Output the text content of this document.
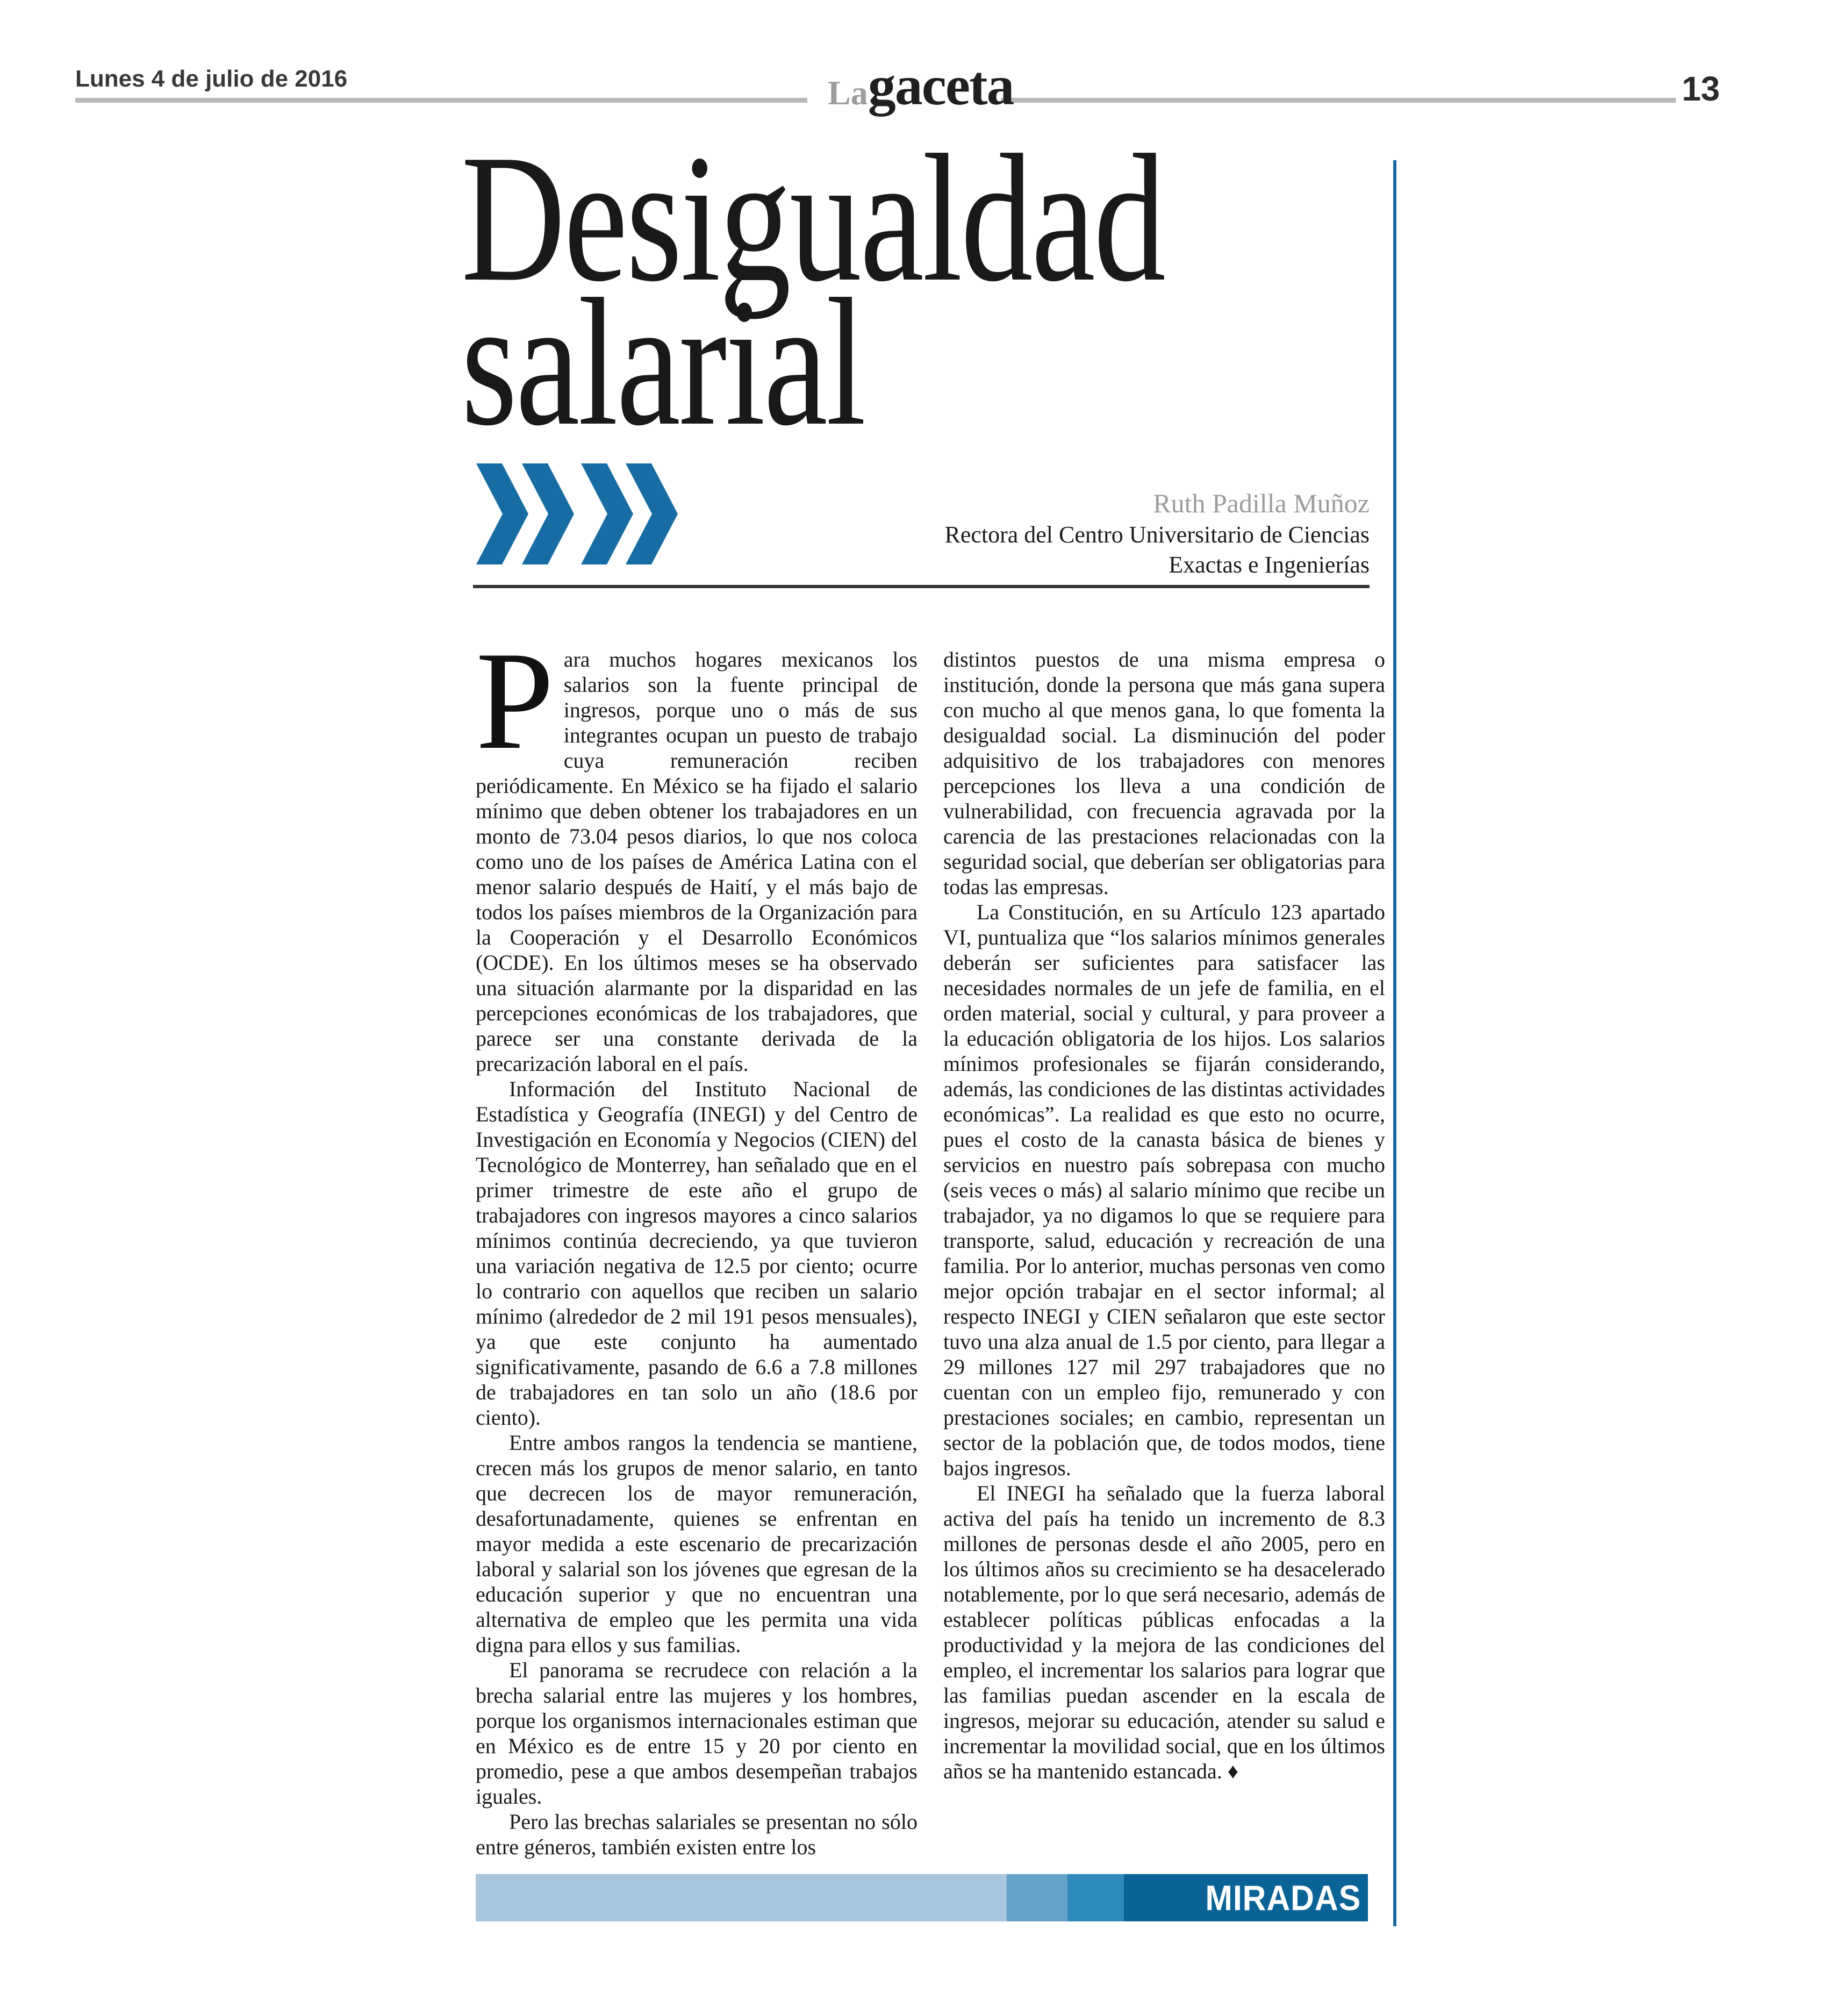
Lunes 4 de julio de 2016	La gaceta	13
Desigualdad
salarial
Ruth Padilla Muñoz
Rectora del Centro Universitario de Ciencias
Exactas e Ingenierías

Para muchos hogares mexicanos los salarios son la fuente principal de ingresos, porque uno o más de sus integrantes ocupan un puesto de trabajo cuya remuneración reciben periódicamente. En México se ha fijado el salario mínimo que deben obtener los trabajadores en un monto de 73.04 pesos diarios, lo que nos coloca como uno de los países de América Latina con el menor salario después de Haití, y el más bajo de todos los países miembros de la Organización para la Cooperación y el Desarrollo Económicos (OCDE). En los últimos meses se ha observado una situación alarmante por la disparidad en las percepciones económicas de los trabajadores, que parece ser una constante derivada de la precarización laboral en el país.

Información del Instituto Nacional de Estadística y Geografía (INEGI) y del Centro de Investigación en Economía y Negocios (CIEN) del Tecnológico de Monterrey, han señalado que en el primer trimestre de este año el grupo de trabajadores con ingresos mayores a cinco salarios mínimos continúa decreciendo, ya que tuvieron una variación negativa de 12.5 por ciento; ocurre lo contrario con aquellos que reciben un salario mínimo (alrededor de 2 mil 191 pesos mensuales), ya que este conjunto ha aumentado significativamente, pasando de 6.6 a 7.8 millones de trabajadores en tan solo un año (18.6 por ciento).

Entre ambos rangos la tendencia se mantiene, crecen más los grupos de menor salario, en tanto que decrecen los de mayor remuneración, desafortunadamente, quienes se enfrentan en mayor medida a este escenario de precarización laboral y salarial son los jóvenes que egresan de la educación superior y que no encuentran una alternativa de empleo que les permita una vida digna para ellos y sus familias.

El panorama se recrudece con relación a la brecha salarial entre las mujeres y los hombres, porque los organismos internacionales estiman que en México es de entre 15 y 20 por ciento en promedio, pese a que ambos desempeñan trabajos iguales.

Pero las brechas salariales se presentan no sólo entre géneros, también existen entre los

distintos puestos de una misma empresa o institución, donde la persona que más gana supera con mucho al que menos gana, lo que fomenta la desigualdad social. La disminución del poder adquisitivo de los trabajadores con menores percepciones los lleva a una condición de vulnerabilidad, con frecuencia agravada por la carencia de las prestaciones relacionadas con la seguridad social, que deberían ser obligatorias para todas las empresas.

La Constitución, en su Artículo 123 apartado VI, puntualiza que “los salarios mínimos generales deberán ser suficientes para satisfacer las necesidades normales de un jefe de familia, en el orden material, social y cultural, y para proveer a la educación obligatoria de los hijos. Los salarios mínimos profesionales se fijarán considerando, además, las condiciones de las distintas actividades económicas”. La realidad es que esto no ocurre, pues el costo de la canasta básica de bienes y servicios en nuestro país sobrepasa con mucho (seis veces o más) al salario mínimo que recibe un trabajador, ya no digamos lo que se requiere para transporte, salud, educación y recreación de una familia. Por lo anterior, muchas personas ven como mejor opción trabajar en el sector informal; al respecto INEGI y CIEN señalaron que este sector tuvo una alza anual de 1.5 por ciento, para llegar a 29 millones 127 mil 297 trabajadores que no cuentan con un empleo fijo, remunerado y con prestaciones sociales; en cambio, representan un sector de la población que, de todos modos, tiene bajos ingresos.

El INEGI ha señalado que la fuerza laboral activa del país ha tenido un incremento de 8.3 millones de personas desde el año 2005, pero en los últimos años su crecimiento se ha desacelerado notablemente, por lo que será necesario, además de establecer políticas públicas enfocadas a la productividad y la mejora de las condiciones del empleo, el incrementar los salarios para lograr que las familias puedan ascender en la escala de ingresos, mejorar su educación, atender su salud e incrementar la movilidad social, que en los últimos años se ha mantenido estancada. ♦

MIRADAS
